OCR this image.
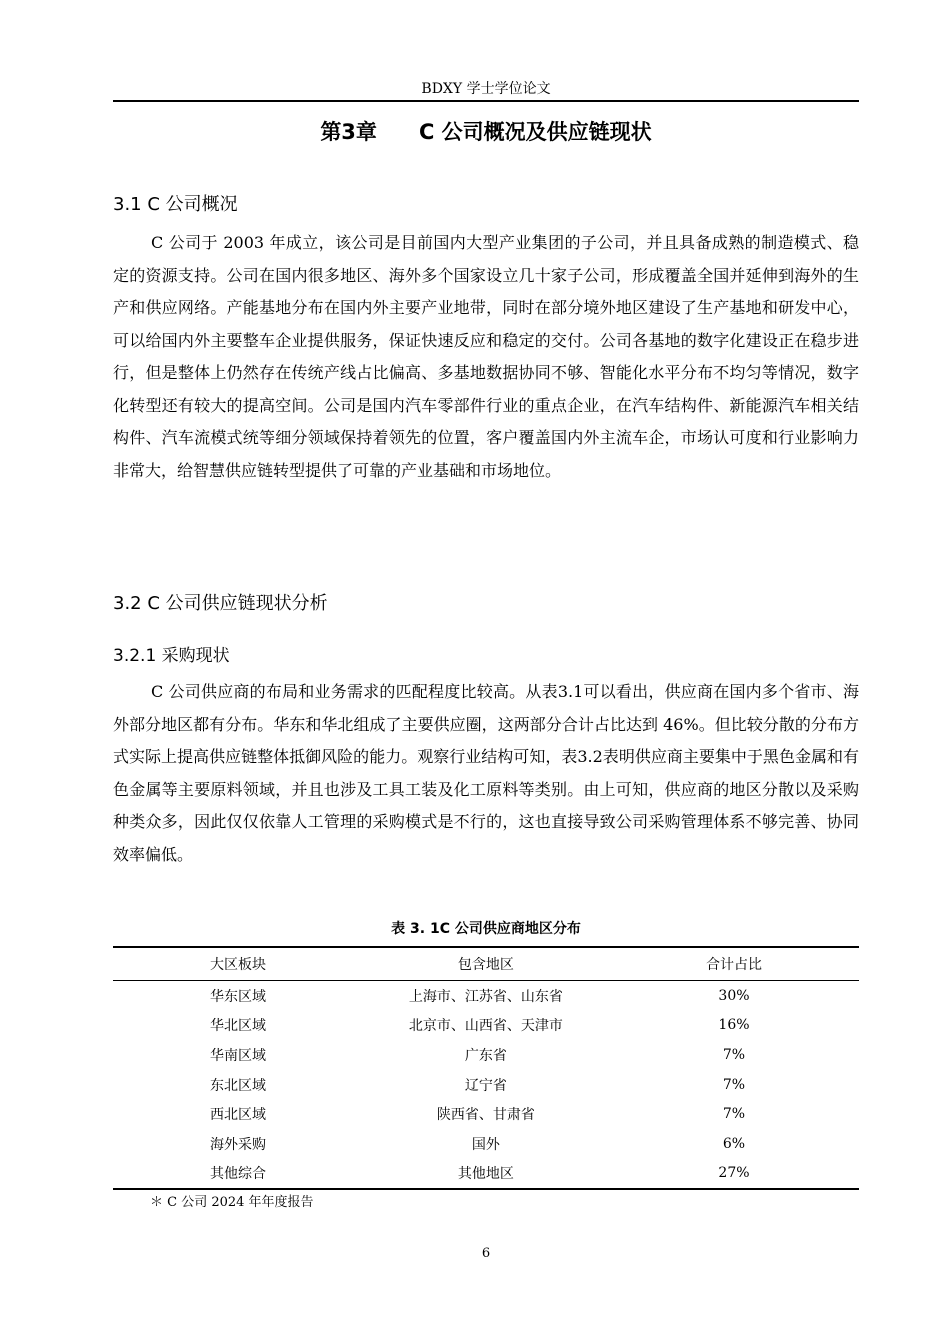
BDXY 学士学位论文
第3章 C 公司概况及供应链现状
3.1 C 公司概况

C 公司于 2003 年成立，该公司是目前国内大型产业集团的子公司，并且具备成熟的制造模式、稳定的资源支持。公司在国内很多地区、海外多个国家设立几十家子公司，形成覆盖全国并延伸到海外的生产和供应网络。产能基地分布在国内外主要产业地带，同时在部分境外地区建设了生产基地和研发中心，可以给国内外主要整车企业提供服务，保证快速反应和稳定的交付。公司各基地的数字化建设正在稳步进行，但是整体上仍然存在传统产线占比偏高、多基地数据协同不够、智能化水平分布不均匀等情况，数字化转型还有较大的提高空间。公司是国内汽车零部件行业的重点企业，在汽车结构件、新能源汽车相关结构件、汽车流模式统等细分领域保持着领先的位置，客户覆盖国内外主流车企，市场认可度和行业影响力非常大，给智慧供应链转型提供了可靠的产业基础和市场地位。

3.2 C 公司供应链现状分析
3.2.1 采购现状

C 公司供应商的布局和业务需求的匹配程度比较高。从表3.1可以看出，供应商在国内多个省市、海外部分地区都有分布。华东和华北组成了主要供应圈，这两部分合计占比达到 46%。但比较分散的分布方式实际上提高供应链整体抵御风险的能力。观察行业结构可知，表3.2表明供应商主要集中于黑色金属和有色金属等主要原料领域，并且也涉及工具工装及化工原料等类别。由上可知，供应商的地区分散以及采购种类众多，因此仅仅依靠人工管理的采购模式是不行的，这也直接导致公司采购管理体系不够完善、协同效率偏低。

表 3. 1C 公司供应商地区分布
大区板块	包含地区	合计占比
华东区域	上海市、江苏省、山东省	30%
华北区域	北京市、山西省、天津市	16%
华南区域	广东省	7%
东北区域	辽宁省	7%
西北区域	陕西省、甘肃省	7%
海外采购	国外	6%
其他综合	其他地区	27%
＊ C 公司 2024 年年度报告
6
